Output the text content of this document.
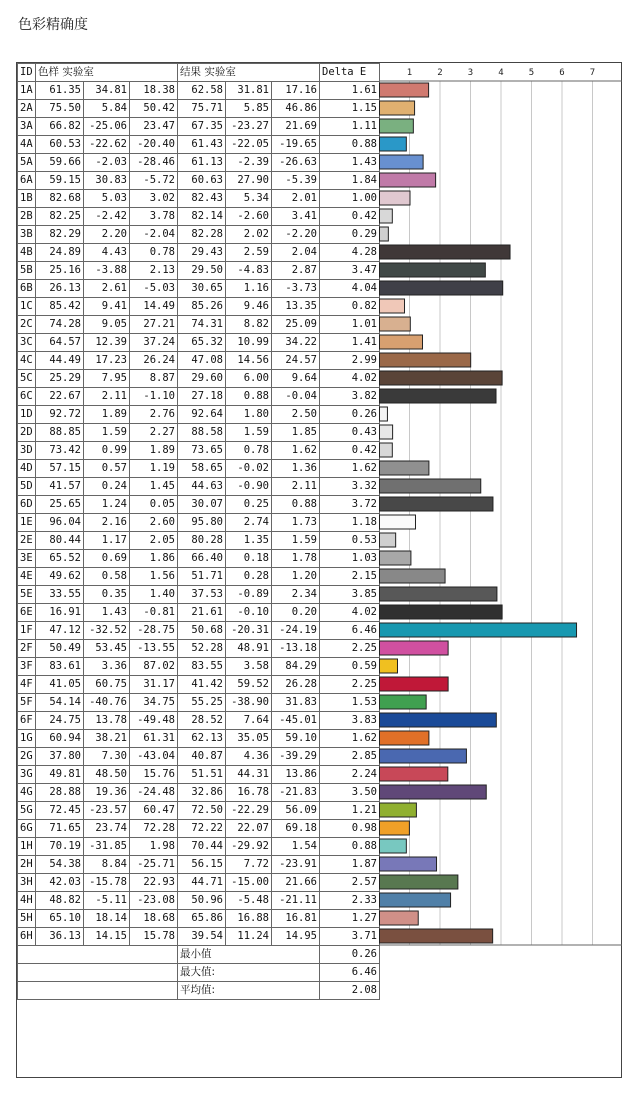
色彩精确度
ID	色样 实验室			结果 实验室			Delta E
1A	61.35	34.81	18.38	62.58	31.81	17.16	1.61
2A	75.50	5.84	50.42	75.71	5.85	46.86	1.15
3A	66.82	-25.06	23.47	67.35	-23.27	21.69	1.11
4A	60.53	-22.62	-20.40	61.43	-22.05	-19.65	0.88
5A	59.66	-2.03	-28.46	61.13	-2.39	-26.63	1.43
6A	59.15	30.83	-5.72	60.63	27.90	-5.39	1.84
1B	82.68	5.03	3.02	82.43	5.34	2.01	1.00
2B	82.25	-2.42	3.78	82.14	-2.60	3.41	0.42
3B	82.29	2.20	-2.04	82.28	2.02	-2.20	0.29
4B	24.89	4.43	0.78	29.43	2.59	2.04	4.28
5B	25.16	-3.88	2.13	29.50	-4.83	2.87	3.47
6B	26.13	2.61	-5.03	30.65	1.16	-3.73	4.04
1C	85.42	9.41	14.49	85.26	9.46	13.35	0.82
2C	74.28	9.05	27.21	74.31	8.82	25.09	1.01
3C	64.57	12.39	37.24	65.32	10.99	34.22	1.41
4C	44.49	17.23	26.24	47.08	14.56	24.57	2.99
5C	25.29	7.95	8.87	29.60	6.00	9.64	4.02
6C	22.67	2.11	-1.10	27.18	0.88	-0.04	3.82
1D	92.72	1.89	2.76	92.64	1.80	2.50	0.26
2D	88.85	1.59	2.27	88.58	1.59	1.85	0.43
3D	73.42	0.99	1.89	73.65	0.78	1.62	0.42
4D	57.15	0.57	1.19	58.65	-0.02	1.36	1.62
5D	41.57	0.24	1.45	44.63	-0.90	2.11	3.32
6D	25.65	1.24	0.05	30.07	0.25	0.88	3.72
1E	96.04	2.16	2.60	95.80	2.74	1.73	1.18
2E	80.44	1.17	2.05	80.28	1.35	1.59	0.53
3E	65.52	0.69	1.86	66.40	0.18	1.78	1.03
4E	49.62	0.58	1.56	51.71	0.28	1.20	2.15
5E	33.55	0.35	1.40	37.53	-0.89	2.34	3.85
6E	16.91	1.43	-0.81	21.61	-0.10	0.20	4.02
1F	47.12	-32.52	-28.75	50.68	-20.31	-24.19	6.46
2F	50.49	53.45	-13.55	52.28	48.91	-13.18	2.25
3F	83.61	3.36	87.02	83.55	3.58	84.29	0.59
4F	41.05	60.75	31.17	41.42	59.52	26.28	2.25
5F	54.14	-40.76	34.75	55.25	-38.90	31.83	1.53
6F	24.75	13.78	-49.48	28.52	7.64	-45.01	3.83
1G	60.94	38.21	61.31	62.13	35.05	59.10	1.62
2G	37.80	7.30	-43.04	40.87	4.36	-39.29	2.85
3G	49.81	48.50	15.76	51.51	44.31	13.86	2.24
4G	28.88	19.36	-24.48	32.86	16.78	-21.83	3.50
5G	72.45	-23.57	60.47	72.50	-22.29	56.09	1.21
6G	71.65	23.74	72.28	72.22	22.07	69.18	0.98
1H	70.19	-31.85	1.98	70.44	-29.92	1.54	0.88
2H	54.38	8.84	-25.71	56.15	7.72	-23.91	1.87
3H	42.03	-15.78	22.93	44.71	-15.00	21.66	2.57
4H	48.82	-5.11	-23.08	50.96	-5.48	-21.11	2.33
5H	65.10	18.14	18.68	65.86	16.88	16.81	1.27
6H	36.13	14.15	15.78	39.54	11.24	14.95	3.71
				最小值			0.26
				最大值:			6.46
				平均值:			2.08
1	2	3	4	5	6	7
